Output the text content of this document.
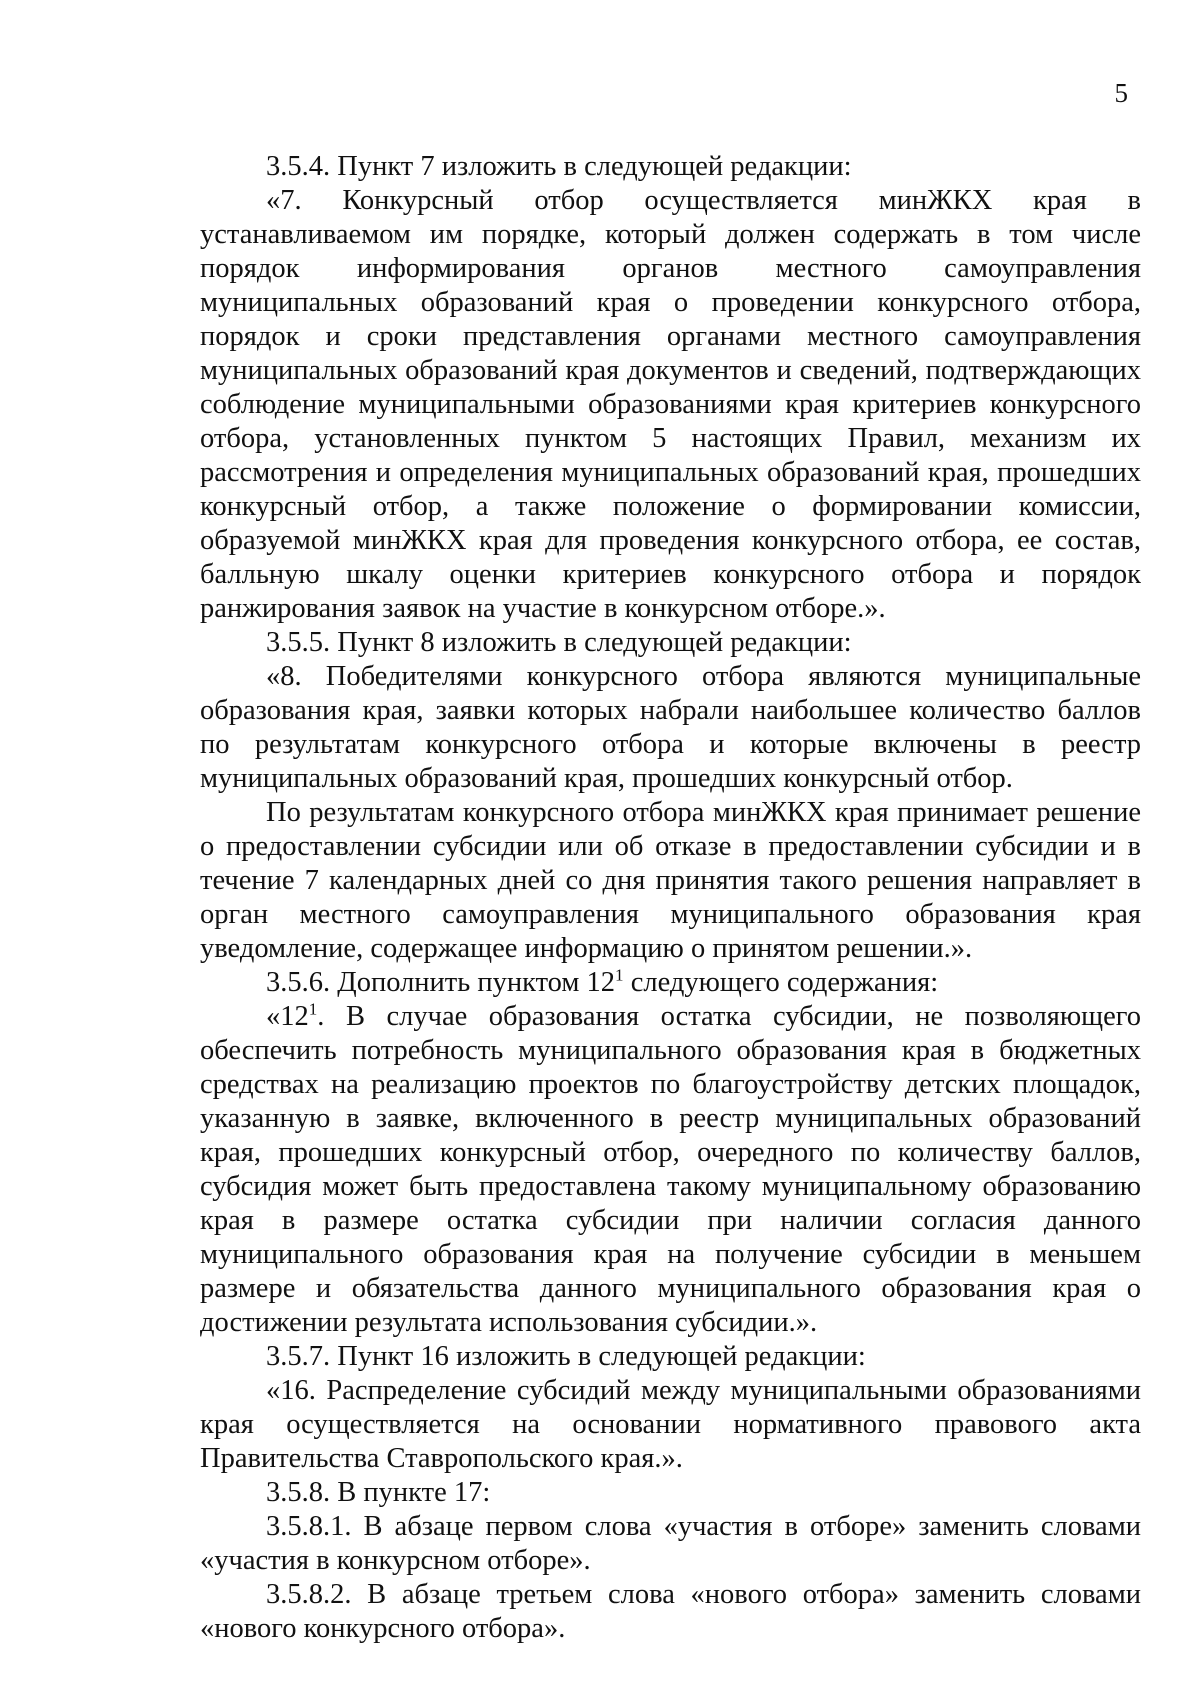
5

3.5.4. Пункт 7 изложить в следующей редакции:

«7. Конкурсный отбор осуществляется минЖКХ края в устанавливаемом им порядке, который должен содержать в том числе порядок информирования органов местного самоуправления муниципальных образований края о проведении конкурсного отбора, порядок и сроки представления органами местного самоуправления муниципальных образований края документов и сведений, подтверждающих соблюдение муниципальными образованиями края критериев конкурсного отбора, установленных пунктом 5 настоящих Правил, механизм их рассмотрения и определения муниципальных образований края, прошедших конкурсный отбор, а также положение о формировании комиссии, образуемой минЖКХ края для проведения конкурсного отбора, ее состав, балльную шкалу оценки критериев конкурсного отбора и порядок ранжирования заявок на участие в конкурсном отборе.».

3.5.5. Пункт 8 изложить в следующей редакции:

«8. Победителями конкурсного отбора являются муниципальные образования края, заявки которых набрали наибольшее количество баллов по результатам конкурсного отбора и которые включены в реестр муниципальных образований края, прошедших конкурсный отбор.

По результатам конкурсного отбора минЖКХ края принимает решение о предоставлении субсидии или об отказе в предоставлении субсидии и в течение 7 календарных дней со дня принятия такого решения направляет в орган местного самоуправления муниципального образования края уведомление, содержащее информацию о принятом решении.».

3.5.6. Дополнить пунктом $12^1$ следующего содержания:

«$12^1$. В случае образования остатка субсидии, не позволяющего обеспечить потребность муниципального образования края в бюджетных средствах на реализацию проектов по благоустройству детских площадок, указанную в заявке, включенного в реестр муниципальных образований края, прошедших конкурсный отбор, очередного по количеству баллов, субсидия может быть предоставлена такому муниципальному образованию края в размере остатка субсидии при наличии согласия данного муниципального образования края на получение субсидии в меньшем размере и обязательства данного муниципального образования края о достижении результата использования субсидии.».

3.5.7. Пункт 16 изложить в следующей редакции:

«16. Распределение субсидий между муниципальными образованиями края осуществляется на основании нормативного правового акта Правительства Ставропольского края.».

3.5.8. В пункте 17:

3.5.8.1. В абзаце первом слова «участия в отборе» заменить словами «участия в конкурсном отборе».

3.5.8.2. В абзаце третьем слова «нового отбора» заменить словами «нового конкурсного отбора».
